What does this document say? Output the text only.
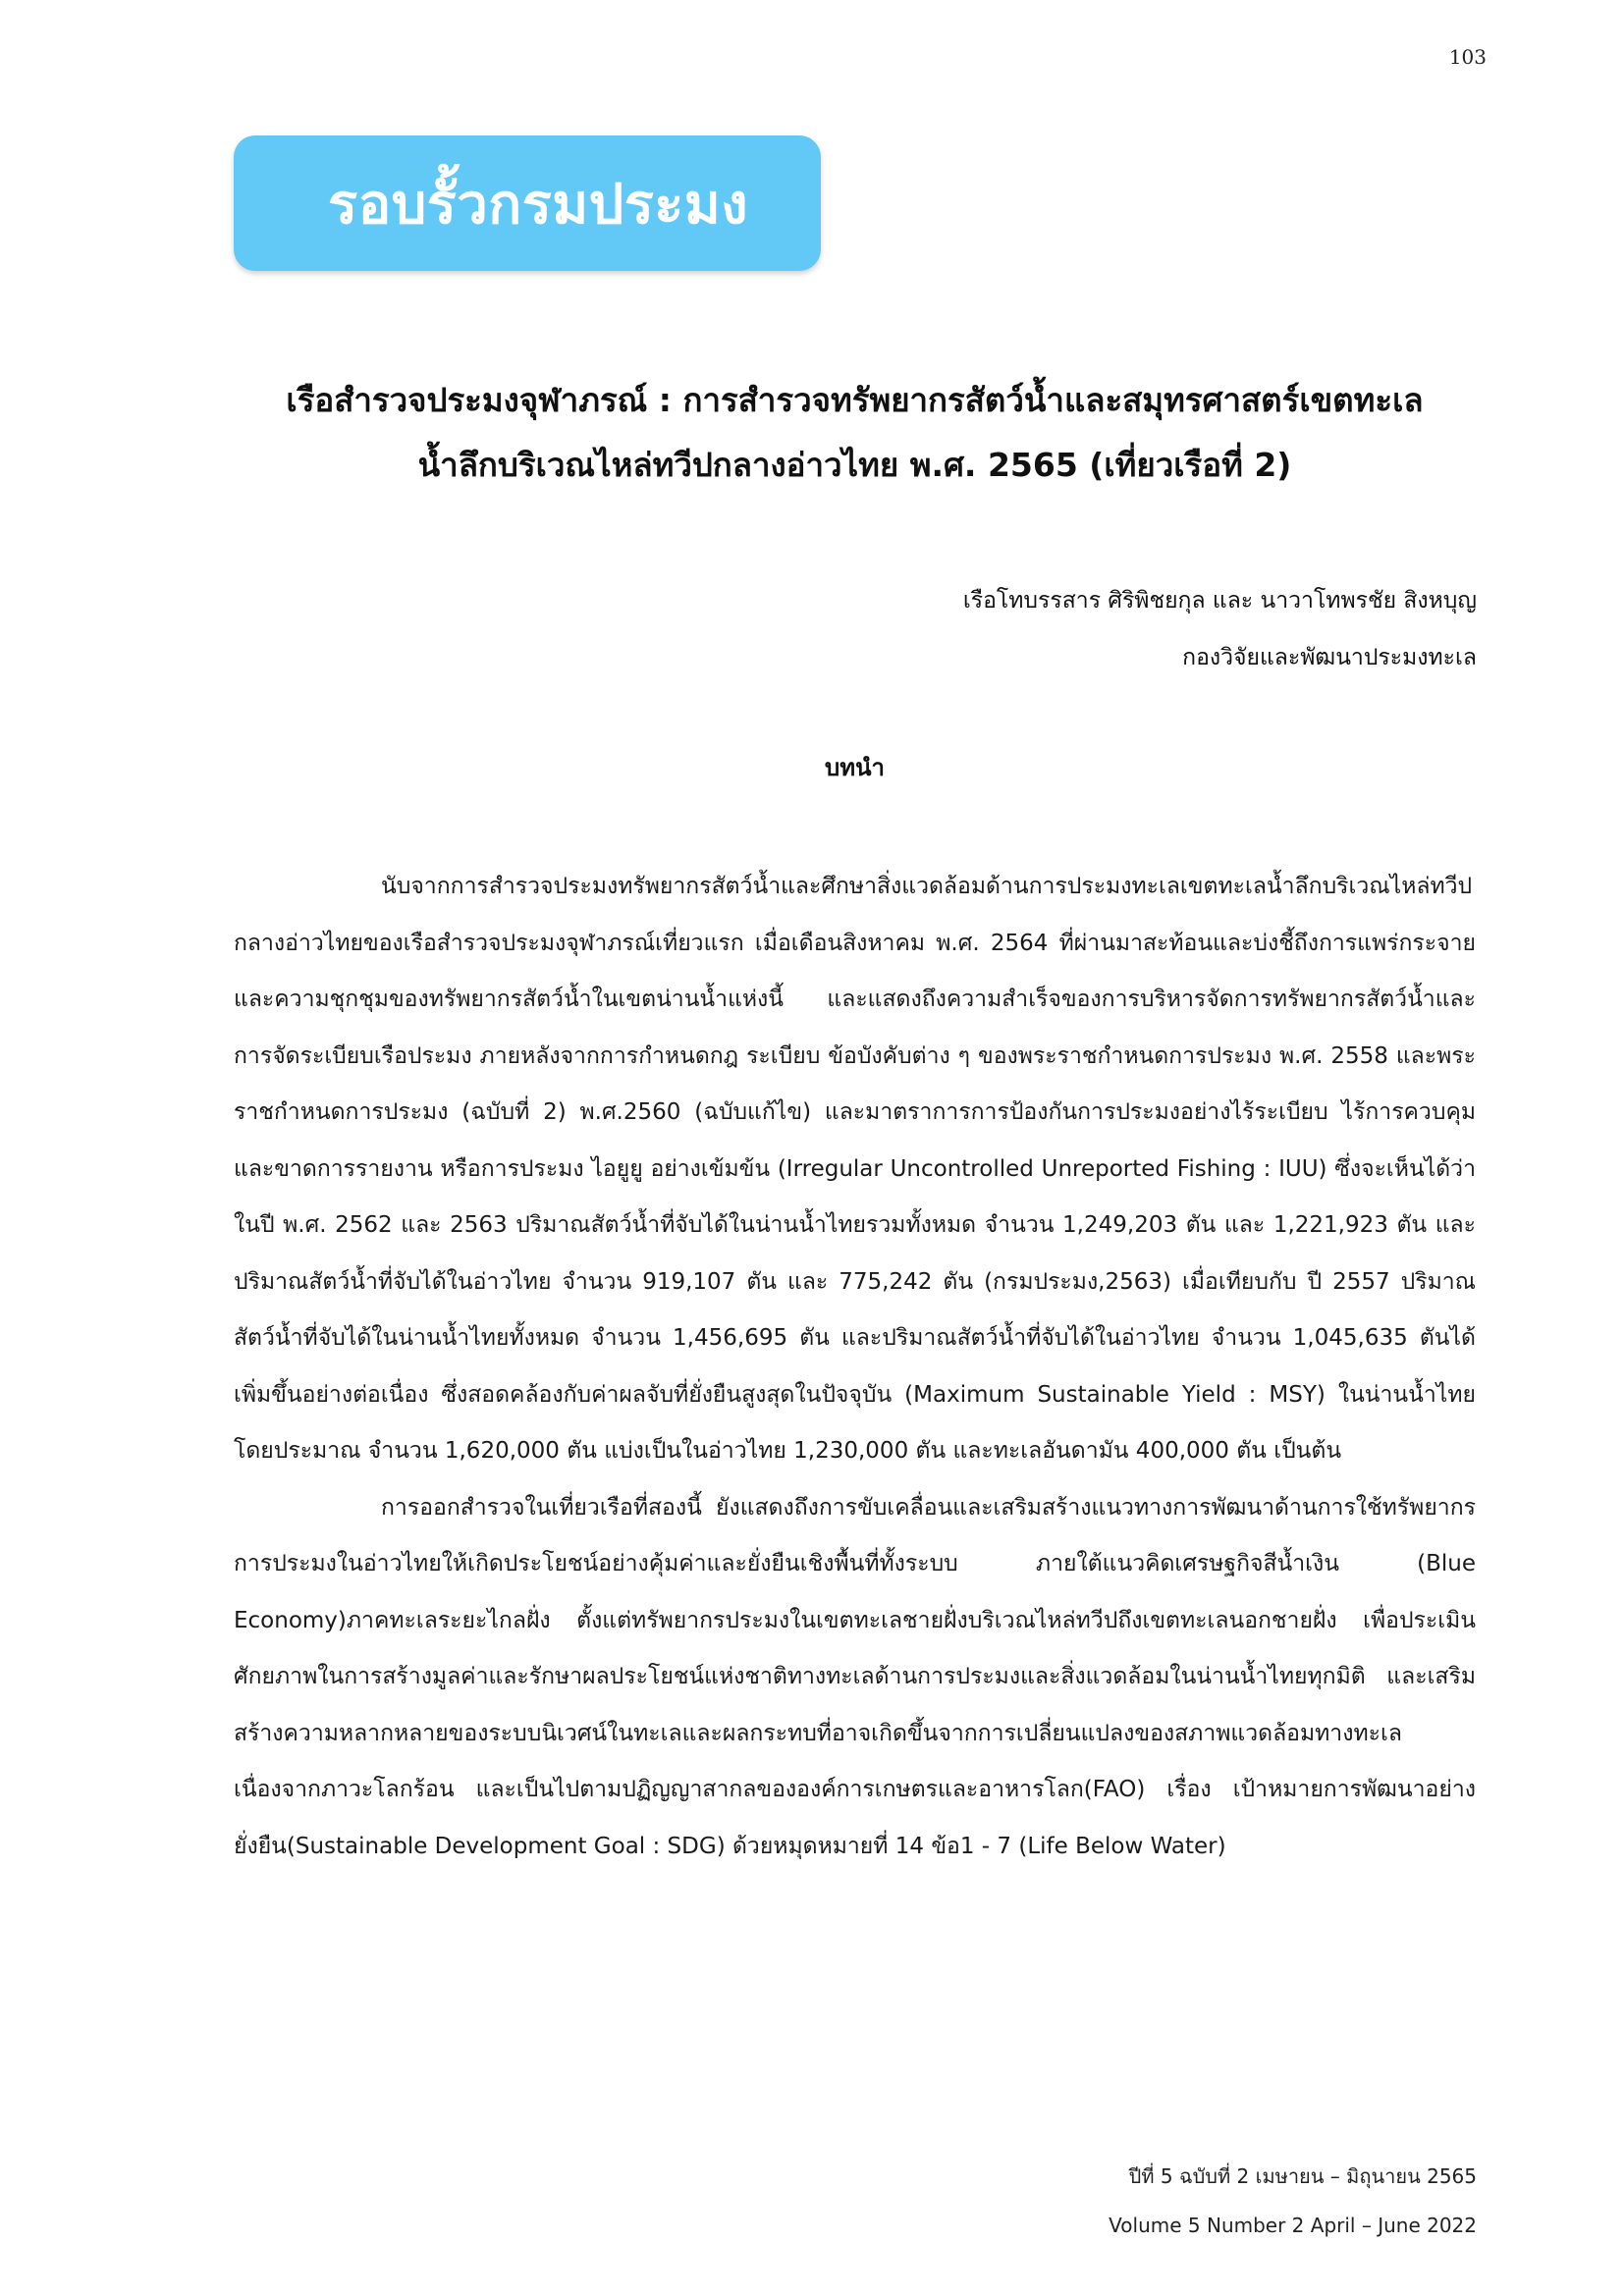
103
รอบรั้วกรมประมง
เรือสำรวจประมงจุฬาภรณ์ : การสำรวจทรัพยากรสัตว์น้ำและสมุทรศาสตร์เขตทะเล
น้ำลึกบริเวณไหล่ทวีปกลางอ่าวไทย พ.ศ. 2565 (เที่ยวเรือที่ 2)
เรือโทบรรสาร ศิริพิชยกุล และ นาวาโทพรชัย สิงหบุญ
กองวิจัยและพัฒนาประมงทะเล
บทนำ

นับจากการสำรวจประมงทรัพยากรสัตว์น้ำและศึกษาสิ่งแวดล้อมด้านการประมงทะเลเขตทะเลน้ำลึกบริเวณไหล่ทวีปกลางอ่าวไทยของเรือสำรวจประมงจุฬาภรณ์เที่ยวแรก เมื่อเดือนสิงหาคม พ.ศ. 2564 ที่ผ่านมาสะท้อนและบ่งชี้ถึงการแพร่กระจายและความชุกชุมของทรัพยากรสัตว์น้ำในเขตน่านน้ำแห่งนี้ และแสดงถึงความสำเร็จของการบริหารจัดการทรัพยากรสัตว์น้ำและการจัดระเบียบเรือประมง ภายหลังจากการกำหนดกฎ ระเบียบ ข้อบังคับต่าง ๆ ของพระราชกำหนดการประมง พ.ศ. 2558 และพระราชกำหนดการประมง (ฉบับที่ 2) พ.ศ.2560 (ฉบับแก้ไข) และมาตราการการป้องกันการประมงอย่างไร้ระเบียบ ไร้การควบคุม และขาดการรายงาน หรือการประมง ไอยูยู อย่างเข้มข้น (Irregular Uncontrolled Unreported Fishing : IUU) ซึ่งจะเห็นได้ว่าในปี พ.ศ. 2562 และ 2563 ปริมาณสัตว์น้ำที่จับได้ในน่านน้ำไทยรวมทั้งหมด จำนวน 1,249,203 ตัน และ 1,221,923 ตัน และปริมาณสัตว์น้ำที่จับได้ในอ่าวไทย จำนวน 919,107 ตัน และ 775,242 ตัน (กรมประมง,2563) เมื่อเทียบกับ ปี 2557 ปริมาณสัตว์น้ำที่จับได้ในน่านน้ำไทยทั้งหมด จำนวน 1,456,695 ตัน และปริมาณสัตว์น้ำที่จับได้ในอ่าวไทย จำนวน 1,045,635 ตันได้เพิ่มขึ้นอย่างต่อเนื่อง ซึ่งสอดคล้องกับค่าผลจับที่ยั่งยืนสูงสุดในปัจจุบัน (Maximum Sustainable Yield : MSY) ในน่านน้ำไทยโดยประมาณ จำนวน 1,620,000 ตัน แบ่งเป็นในอ่าวไทย 1,230,000 ตัน และทะเลอันดามัน 400,000 ตัน เป็นต้น

การออกสำรวจในเที่ยวเรือที่สองนี้ ยังแสดงถึงการขับเคลื่อนและเสริมสร้างแนวทางการพัฒนาด้านการใช้ทรัพยากรการประมงในอ่าวไทยให้เกิดประโยชน์อย่างคุ้มค่าและยั่งยืนเชิงพื้นที่ทั้งระบบ ภายใต้แนวคิดเศรษฐกิจสีน้ำเงิน (Blue Economy)ภาคทะเลระยะไกลฝั่ง ตั้งแต่ทรัพยากรประมงในเขตทะเลชายฝั่งบริเวณไหล่ทวีปถึงเขตทะเลนอกชายฝั่ง เพื่อประเมินศักยภาพในการสร้างมูลค่าและรักษาผลประโยชน์แห่งชาติทางทะเลด้านการประมงและสิ่งแวดล้อมในน่านน้ำไทยทุกมิติ และเสริมสร้างความหลากหลายของระบบนิเวศน์ในทะเลและผลกระทบที่อาจเกิดขึ้นจากการเปลี่ยนแปลงของสภาพแวดล้อมทางทะเลเนื่องจากภาวะโลกร้อน และเป็นไปตามปฏิญญาสากลขององค์การเกษตรและอาหารโลก(FAO) เรื่อง เป้าหมายการพัฒนาอย่างยั่งยืน(Sustainable Development Goal : SDG) ด้วยหมุดหมายที่ 14 ข้อ1 - 7 (Life Below Water)

ปีที่ 5 ฉบับที่ 2 เมษายน – มิถุนายน 2565
Volume 5 Number 2 April – June 2022
